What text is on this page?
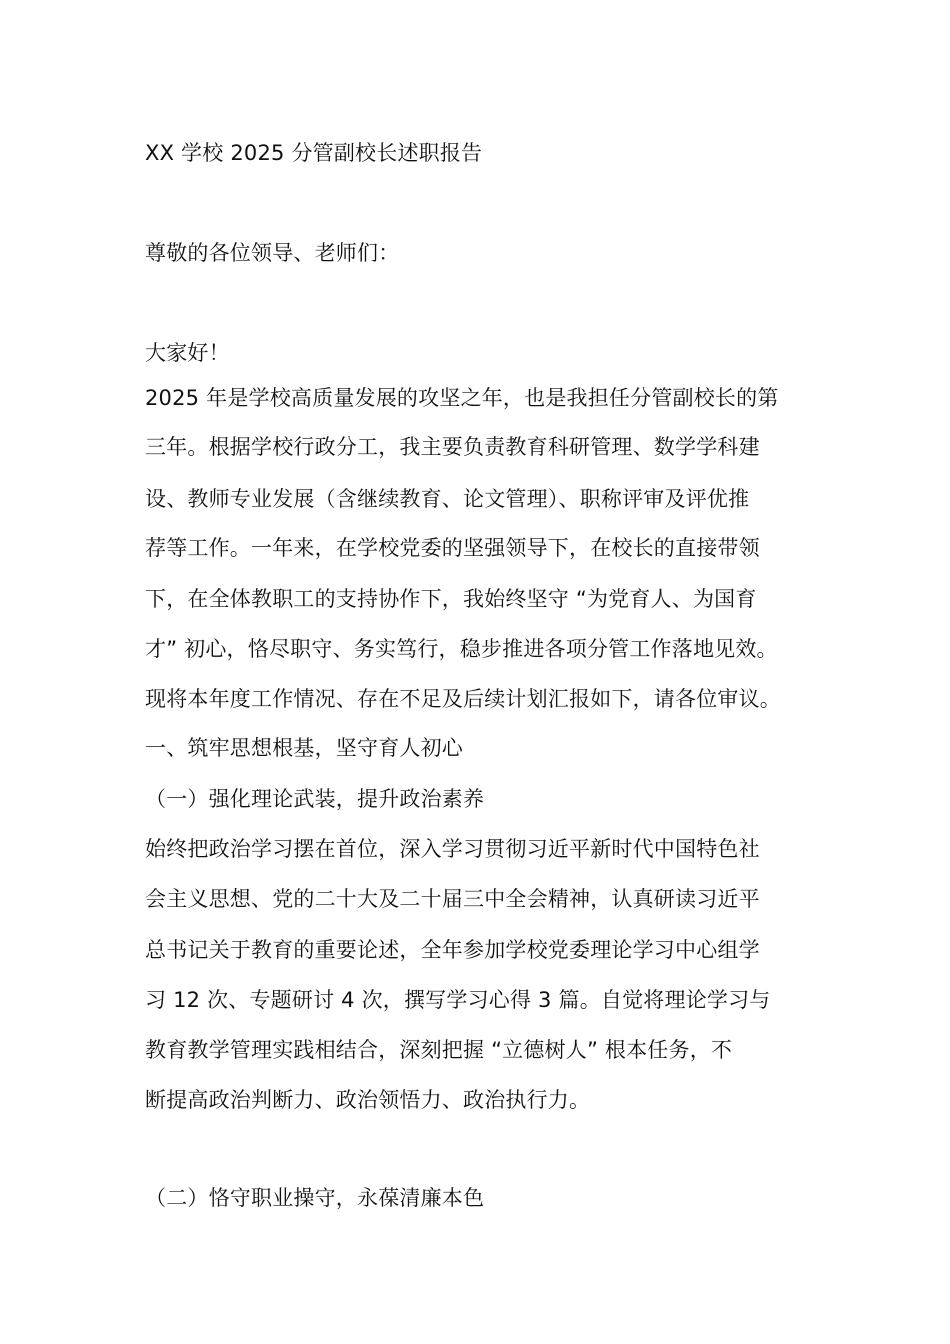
XX 学校 2025 分管副校长述职报告
尊敬的各位领导、老师们：
大家好！
2025 年是学校高质量发展的攻坚之年，也是我担任分管副校长的第
三年。根据学校行政分工，我主要负责教育科研管理、数学学科建
设、教师专业发展（含继续教育、论文管理）、职称评审及评优推
荐等工作。一年来，在学校党委的坚强领导下，在校长的直接带领
下，在全体教职工的支持协作下，我始终坚守 “为党育人、为国育
才” 初心，恪尽职守、务实笃行，稳步推进各项分管工作落地见效。
现将本年度工作情况、存在不足及后续计划汇报如下，请各位审议。
一、筑牢思想根基，坚守育人初心
（一）强化理论武装，提升政治素养
始终把政治学习摆在首位，深入学习贯彻习近平新时代中国特色社
会主义思想、党的二十大及二十届三中全会精神，认真研读习近平
总书记关于教育的重要论述，全年参加学校党委理论学习中心组学
习 12 次、专题研讨 4 次，撰写学习心得 3 篇。自觉将理论学习与
教育教学管理实践相结合，深刻把握 “立德树人” 根本任务，不
断提高政治判断力、政治领悟力、政治执行力。
（二）恪守职业操守，永葆清廉本色
